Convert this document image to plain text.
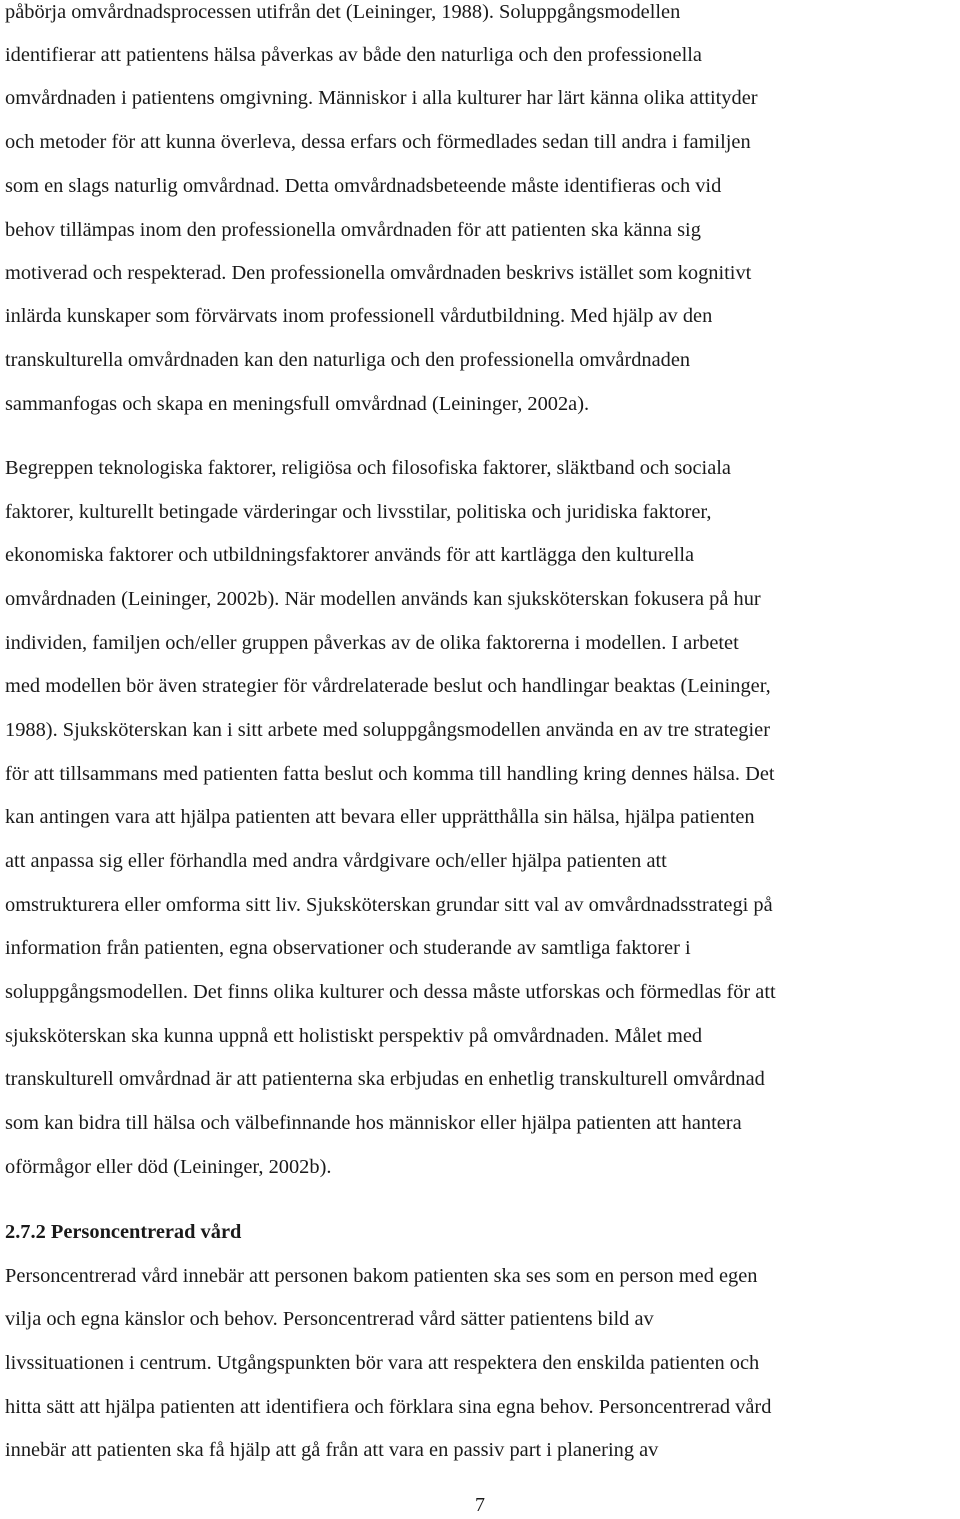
påbörja omvårdnadsprocessen utifrån det (Leininger, 1988). Soluppgångsmodellen

identifierar att patientens hälsa påverkas av både den naturliga och den professionella

omvårdnaden i patientens omgivning. Människor i alla kulturer har lärt känna olika attityder

och metoder för att kunna överleva, dessa erfars och förmedlades sedan till andra i familjen

som en slags naturlig omvårdnad. Detta omvårdnadsbeteende måste identifieras och vid

behov tillämpas inom den professionella omvårdnaden för att patienten ska känna sig

motiverad och respekterad. Den professionella omvårdnaden beskrivs istället som kognitivt

inlärda kunskaper som förvärvats inom professionell vårdutbildning. Med hjälp av den

transkulturella omvårdnaden kan den naturliga och den professionella omvårdnaden

sammanfogas och skapa en meningsfull omvårdnad (Leininger, 2002a).

Begreppen teknologiska faktorer, religiösa och filosofiska faktorer, släktband och sociala

faktorer, kulturellt betingade värderingar och livsstilar, politiska och juridiska faktorer,

ekonomiska faktorer och utbildningsfaktorer används för att kartlägga den kulturella

omvårdnaden (Leininger, 2002b). När modellen används kan sjuksköterskan fokusera på hur

individen, familjen och/eller gruppen påverkas av de olika faktorerna i modellen. I arbetet

med modellen bör även strategier för vårdrelaterade beslut och handlingar beaktas (Leininger,

1988). Sjuksköterskan kan i sitt arbete med soluppgångsmodellen använda en av tre strategier

för att tillsammans med patienten fatta beslut och komma till handling kring dennes hälsa. Det

kan antingen vara att hjälpa patienten att bevara eller upprätthålla sin hälsa, hjälpa patienten

att anpassa sig eller förhandla med andra vårdgivare och/eller hjälpa patienten att

omstrukturera eller omforma sitt liv. Sjuksköterskan grundar sitt val av omvårdnadsstrategi på

information från patienten, egna observationer och studerande av samtliga faktorer i

soluppgångsmodellen. Det finns olika kulturer och dessa måste utforskas och förmedlas för att

sjuksköterskan ska kunna uppnå ett holistiskt perspektiv på omvårdnaden. Målet med

transkulturell omvårdnad är att patienterna ska erbjudas en enhetlig transkulturell omvårdnad

som kan bidra till hälsa och välbefinnande hos människor eller hjälpa patienten att hantera

oförmågor eller död (Leininger, 2002b).

2.7.2 Personcentrerad vård

Personcentrerad vård innebär att personen bakom patienten ska ses som en person med egen

vilja och egna känslor och behov. Personcentrerad vård sätter patientens bild av

livssituationen i centrum. Utgångspunkten bör vara att respektera den enskilda patienten och

hitta sätt att hjälpa patienten att identifiera och förklara sina egna behov. Personcentrerad vård

innebär att patienten ska få hjälp att gå från att vara en passiv part i planering av

7
